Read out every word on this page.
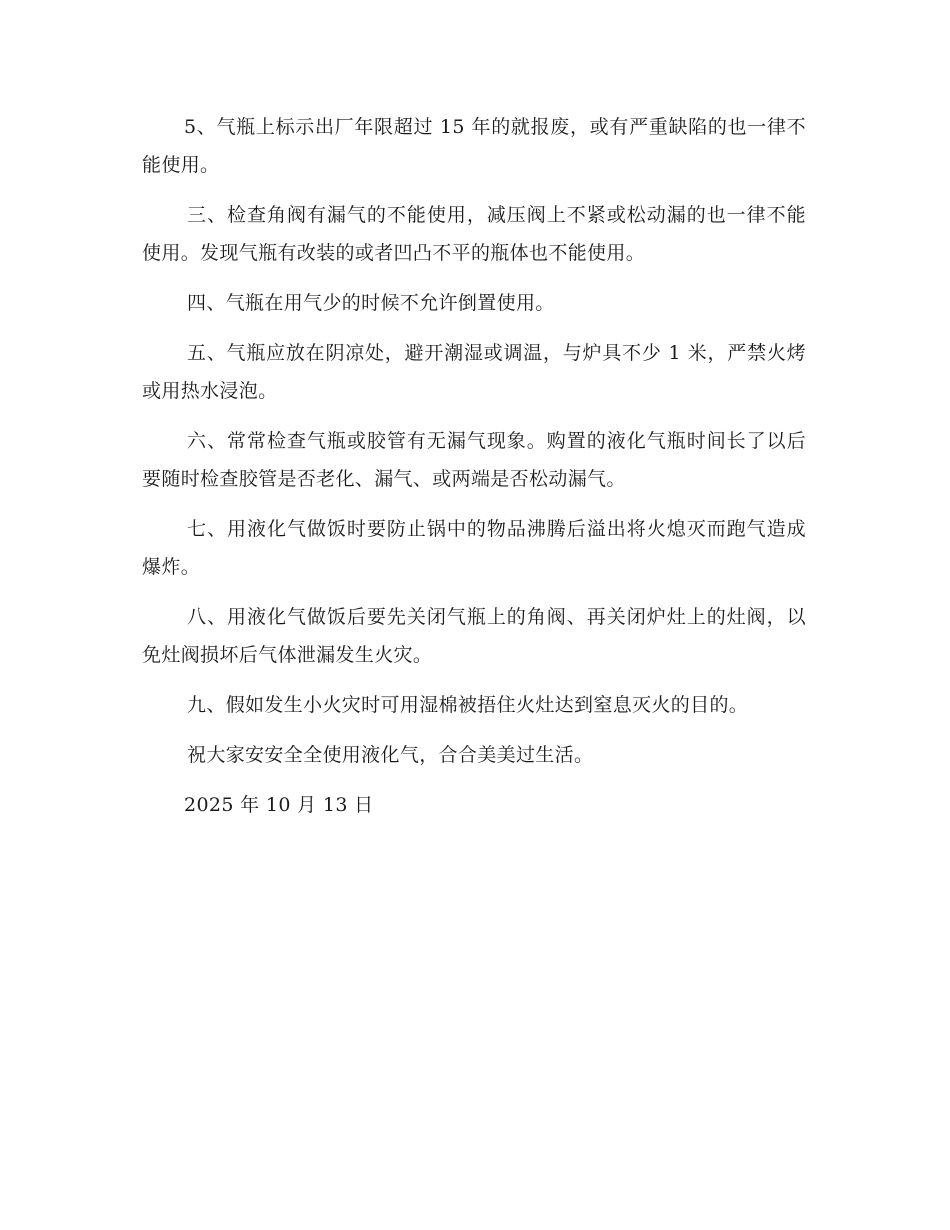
5、气瓶上标示出厂年限超过 15 年的就报废，或有严重缺陷的也一律不能使用。

三、检查角阀有漏气的不能使用，减压阀上不紧或松动漏的也一律不能使用。发现气瓶有改装的或者凹凸不平的瓶体也不能使用。

四、气瓶在用气少的时候不允许倒置使用。

五、气瓶应放在阴凉处，避开潮湿或调温，与炉具不少 1 米，严禁火烤或用热水浸泡。

六、常常检查气瓶或胶管有无漏气现象。购置的液化气瓶时间长了以后要随时检查胶管是否老化、漏气、或两端是否松动漏气。

七、用液化气做饭时要防止锅中的物品沸腾后溢出将火熄灭而跑气造成爆炸。

八、用液化气做饭后要先关闭气瓶上的角阀、再关闭炉灶上的灶阀，以免灶阀损坏后气体泄漏发生火灾。

九、假如发生小火灾时可用湿棉被捂住火灶达到窒息灭火的目的。

祝大家安安全全使用液化气，合合美美过生活。

2025 年 10 月 13 日
